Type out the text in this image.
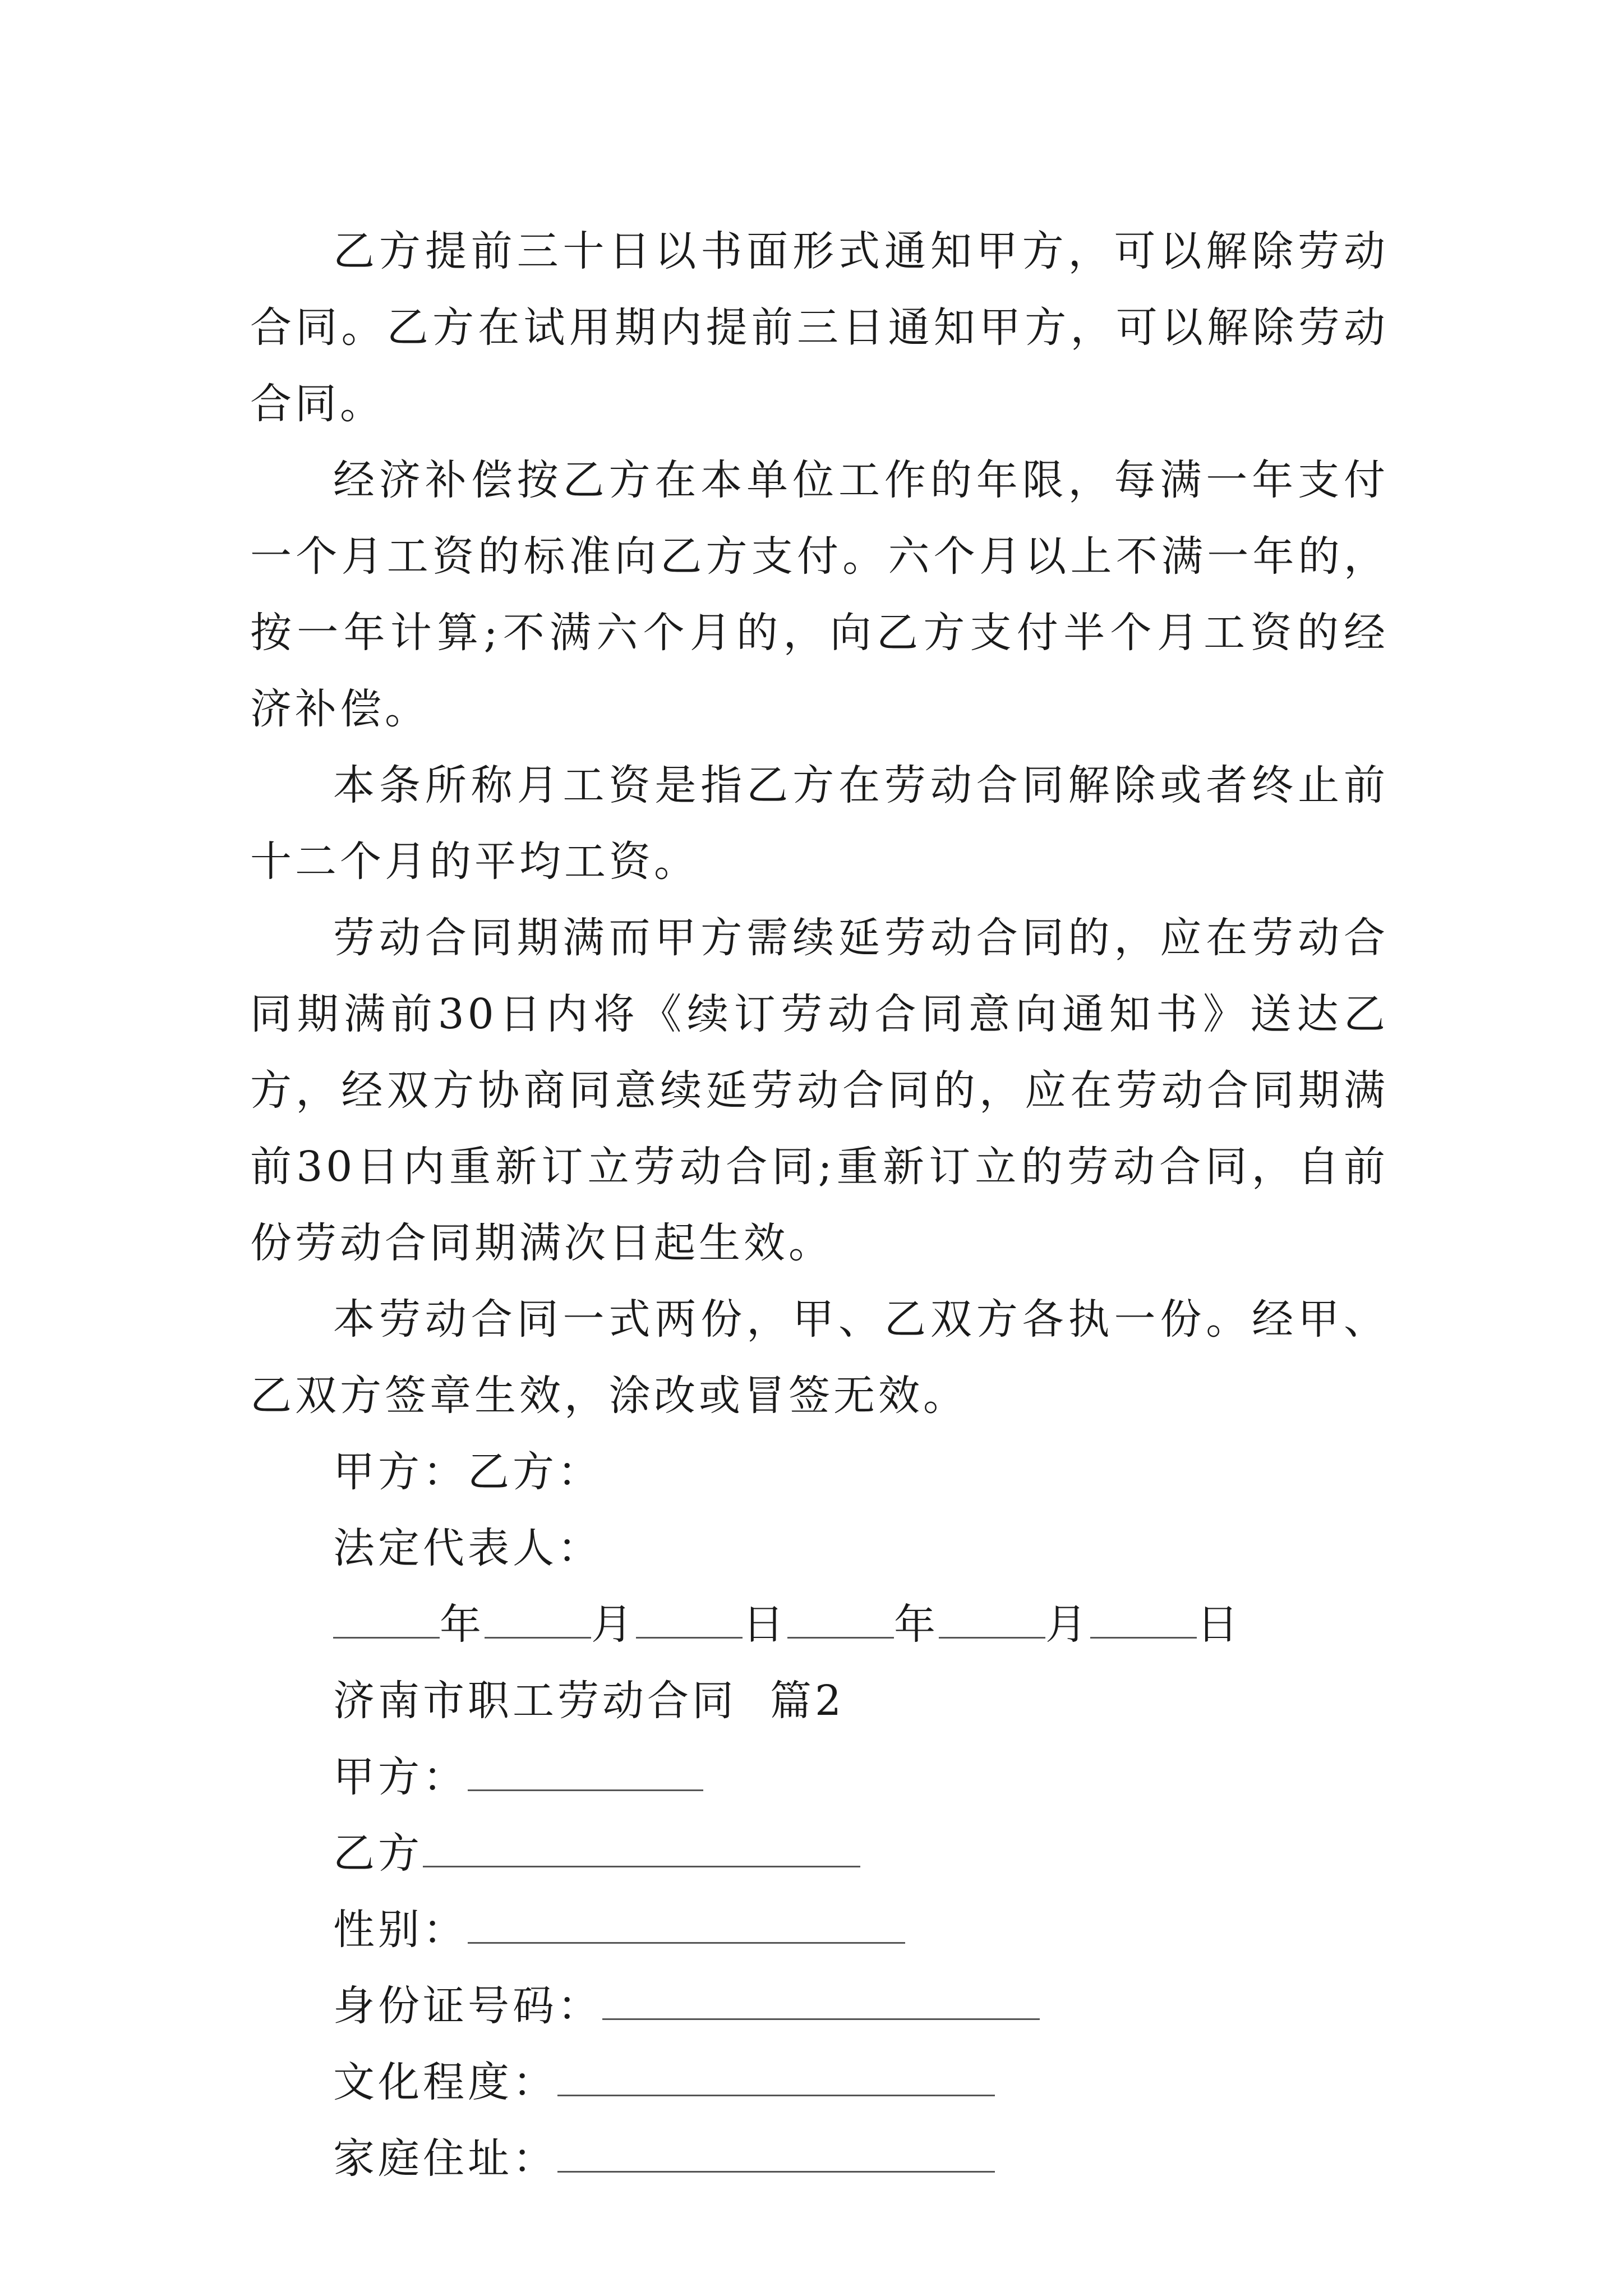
乙方提前三十日以书面形式通知甲方，可以解除劳动合同。乙方在试用期内提前三日通知甲方，可以解除劳动合同。

经济补偿按乙方在本单位工作的年限，每满一年支付一个月工资的标准向乙方支付。六个月以上不满一年的，按一年计算;不满六个月的，向乙方支付半个月工资的经济补偿。

本条所称月工资是指乙方在劳动合同解除或者终止前十二个月的平均工资。

劳动合同期满而甲方需续延劳动合同的，应在劳动合同期满前30日内将《续订劳动合同意向通知书》送达乙方，经双方协商同意续延劳动合同的，应在劳动合同期满前30日内重新订立劳动合同;重新订立的劳动合同，自前份劳动合同期满次日起生效。

本劳动合同一式两份，甲、乙双方各执一份。经甲、乙双方签章生效，涂改或冒签无效。

甲方：乙方：

法定代表人：

年	月	日	年	月	日

济南市职工劳动合同  篇2

甲方：

乙方

性别：

身份证号码：

文化程度：

家庭住址：
